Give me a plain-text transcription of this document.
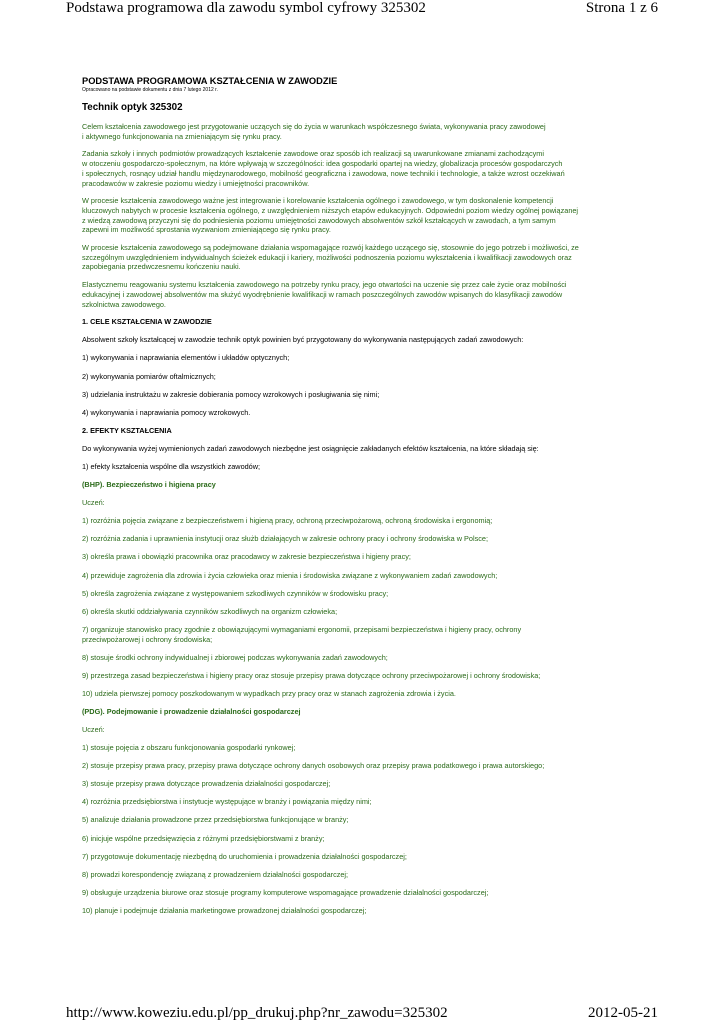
Podstawa programowa dla zawodu symbol cyfrowy 325302	Strona 1 z 6
PODSTAWA PROGRAMOWA KSZTAŁCENIA W ZAWODZIE
Opracowano na podstawie dokumentu z dnia 7 lutego 2012 r.
Technik optyk 325302
Celem kształcenia zawodowego jest przygotowanie uczących się do życia w warunkach współczesnego świata, wykonywania pracy zawodowej
i aktywnego funkcjonowania na zmieniającym się rynku pracy.
Zadania szkoły i innych podmiotów prowadzących kształcenie zawodowe oraz sposób ich realizacji są uwarunkowane zmianami zachodzącymi
w otoczeniu gospodarczo-społecznym, na które wpływają w szczególności: idea gospodarki opartej na wiedzy, globalizacja procesów gospodarczych
i społecznych, rosnący udział handlu międzynarodowego, mobilność geograficzna i zawodowa, nowe techniki i technologie, a także wzrost oczekiwań
pracodawców w zakresie poziomu wiedzy i umiejętności pracowników.
W procesie kształcenia zawodowego ważne jest integrowanie i korelowanie kształcenia ogólnego i zawodowego, w tym doskonalenie kompetencji
kluczowych nabytych w procesie kształcenia ogólnego, z uwzględnieniem niższych etapów edukacyjnych. Odpowiedni poziom wiedzy ogólnej powiązanej
z wiedzą zawodową przyczyni się do podniesienia poziomu umiejętności zawodowych absolwentów szkół kształcących w zawodach, a tym samym
zapewni im możliwość sprostania wyzwaniom zmieniającego się rynku pracy.
W procesie kształcenia zawodowego są podejmowane działania wspomagające rozwój każdego uczącego się, stosownie do jego potrzeb i możliwości, ze
szczególnym uwzględnieniem indywidualnych ścieżek edukacji i kariery, możliwości podnoszenia poziomu wykształcenia i kwalifikacji zawodowych oraz
zapobiegania przedwczesnemu kończeniu nauki.
Elastycznemu reagowaniu systemu kształcenia zawodowego na potrzeby rynku pracy, jego otwartości na uczenie się przez całe życie oraz mobilności
edukacyjnej i zawodowej absolwentów ma służyć wyodrębnienie kwalifikacji w ramach poszczególnych zawodów wpisanych do klasyfikacji zawodów
szkolnictwa zawodowego.
1. CELE KSZTAŁCENIA W ZAWODZIE
Absolwent szkoły kształcącej w zawodzie technik optyk powinien być przygotowany do wykonywania następujących zadań zawodowych:
1) wykonywania i naprawiania elementów i układów optycznych;
2) wykonywania pomiarów oftalmicznych;
3) udzielania instruktażu w zakresie dobierania pomocy wzrokowych i posługiwania się nimi;
4) wykonywania i naprawiania pomocy wzrokowych.
2. EFEKTY KSZTAŁCENIA
Do wykonywania wyżej wymienionych zadań zawodowych niezbędne jest osiągnięcie zakładanych efektów kształcenia, na które składają się:
1) efekty kształcenia wspólne dla wszystkich zawodów;
(BHP). Bezpieczeństwo i higiena pracy
Uczeń:
1) rozróżnia pojęcia związane z bezpieczeństwem i higieną pracy, ochroną przeciwpożarową, ochroną środowiska i ergonomią;
2) rozróżnia zadania i uprawnienia instytucji oraz służb działających w zakresie ochrony pracy i ochrony środowiska w Polsce;
3) określa prawa i obowiązki pracownika oraz pracodawcy w zakresie bezpieczeństwa i higieny pracy;
4) przewiduje zagrożenia dla zdrowia i życia człowieka oraz mienia i środowiska związane z wykonywaniem zadań zawodowych;
5) określa zagrożenia związane z występowaniem szkodliwych czynników w środowisku pracy;
6) określa skutki oddziaływania czynników szkodliwych na organizm człowieka;
7) organizuje stanowisko pracy zgodnie z obowiązującymi wymaganiami ergonomii, przepisami bezpieczeństwa i higieny pracy, ochrony
przeciwpożarowej i ochrony środowiska;
8) stosuje środki ochrony indywidualnej i zbiorowej podczas wykonywania zadań zawodowych;
9) przestrzega zasad bezpieczeństwa i higieny pracy oraz stosuje przepisy prawa dotyczące ochrony przeciwpożarowej i ochrony środowiska;
10) udziela pierwszej pomocy poszkodowanym w wypadkach przy pracy oraz w stanach zagrożenia zdrowia i życia.
(PDG). Podejmowanie i prowadzenie działalności gospodarczej
Uczeń:
1) stosuje pojęcia z obszaru funkcjonowania gospodarki rynkowej;
2) stosuje przepisy prawa pracy, przepisy prawa dotyczące ochrony danych osobowych oraz przepisy prawa podatkowego i prawa autorskiego;
3) stosuje przepisy prawa dotyczące prowadzenia działalności gospodarczej;
4) rozróżnia przedsiębiorstwa i instytucje występujące w branży i powiązania między nimi;
5) analizuje działania prowadzone przez przedsiębiorstwa funkcjonujące w branży;
6) inicjuje wspólne przedsięwzięcia z różnymi przedsiębiorstwami z branży;
7) przygotowuje dokumentację niezbędną do uruchomienia i prowadzenia działalności gospodarczej;
8) prowadzi korespondencję związaną z prowadzeniem działalności gospodarczej;
9) obsługuje urządzenia biurowe oraz stosuje programy komputerowe wspomagające prowadzenie działalności gospodarczej;
10) planuje i podejmuje działania marketingowe prowadzonej działalności gospodarczej;
http://www.koweziu.edu.pl/pp_drukuj.php?nr_zawodu=325302	2012-05-21
